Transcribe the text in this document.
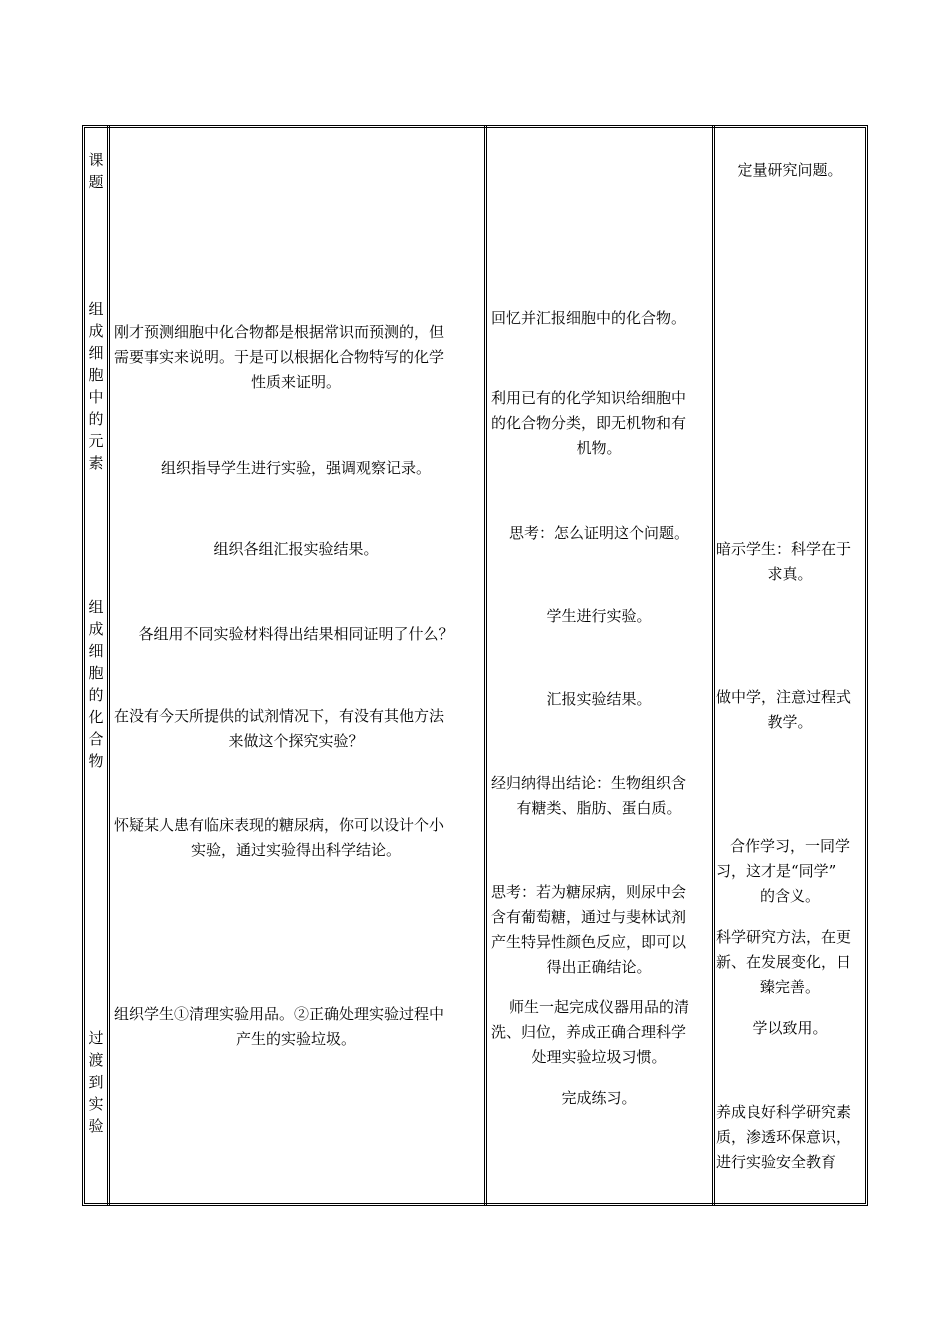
课题
组成细胞中的元素
组成细胞的化合物
过渡到实验
刚才预测细胞中化合物都是根据常识而预测的，但
需要事实来说明。于是可以根据化合物特写的化学
性质来证明。
组织指导学生进行实验，强调观察记录。
组织各组汇报实验结果。
各组用不同实验材料得出结果相同证明了什么？
在没有今天所提供的试剂情况下，有没有其他方法
来做这个探究实验？
怀疑某人患有临床表现的糖尿病，你可以设计个小
实验，通过实验得出科学结论。
组织学生①清理实验用品。②正确处理实验过程中
产生的实验垃圾。
回忆并汇报细胞中的化合物。
利用已有的化学知识给细胞中
的化合物分类，即无机物和有
机物。
思考：怎么证明这个问题。
学生进行实验。
汇报实验结果。
经归纳得出结论：生物组织含
有糖类、脂肪、蛋白质。
思考：若为糖尿病，则尿中会
含有葡萄糖，通过与斐林试剂
产生特异性颜色反应，即可以
得出正确结论。
师生一起完成仪器用品的清
洗、归位，养成正确合理科学
处理实验垃圾习惯。
完成练习。
定量研究问题。
暗示学生：科学在于
求真。
做中学，注意过程式
教学。
合作学习，一同学
习，这才是“同学”
的含义。
科学研究方法，在更
新、在发展变化，日
臻完善。
学以致用。
养成良好科学研究素
质，渗透环保意识，
进行实验安全教育
